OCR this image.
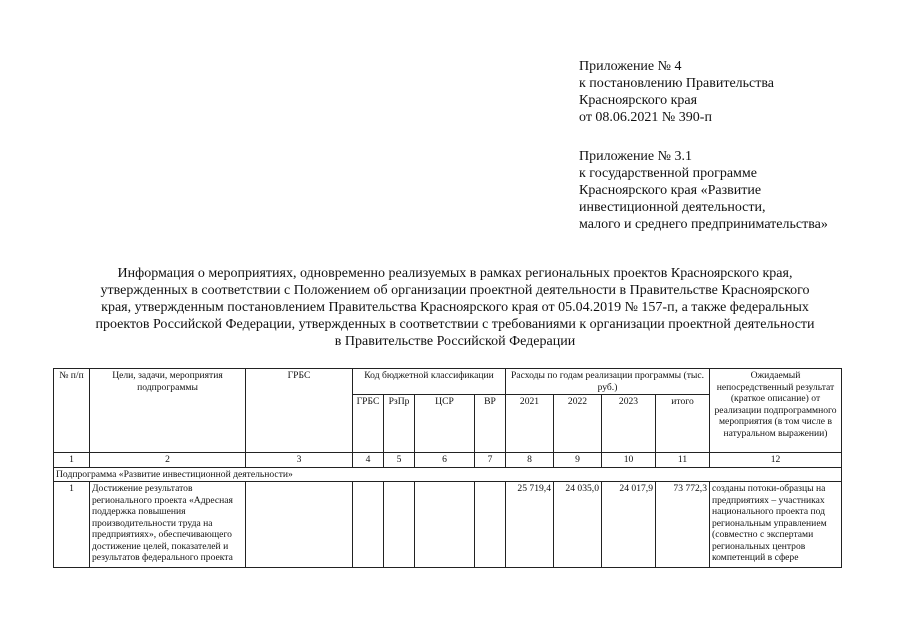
Приложение № 4
к постановлению Правительства
Красноярского края
от 08.06.2021 № 390-п
Приложение № 3.1
к государственной программе
Красноярского края «Развитие
инвестиционной деятельности,
малого и среднего предпринимательства»
Информация о мероприятиях, одновременно реализуемых в рамках региональных проектов Красноярского края,
утвержденных в соответствии с Положением об организации проектной деятельности в Правительстве Красноярского
края, утвержденным постановлением Правительства Красноярского края от 05.04.2019 № 157-п, а также федеральных
проектов Российской Федерации, утвержденных в соответствии с требованиями к организации проектной деятельности
в Правительстве Российской Федерации
№ п/п	Цели, задачи, мероприятия подпрограммы	ГРБС	Код бюджетной классификации				Расходы по годам реализации программы (тыс. руб.)				Ожидаемый непосредственный результат (краткое описание) от реализации подпрограммного мероприятия (в том числе в натуральном выражении)
			ГРБС	РзПр	ЦСР	ВР	2021	2022	2023	итого	
1	2	3	4	5	6	7	8	9	10	11	12
Подпрограмма «Развитие инвестиционной деятельности»											
1	Достижение результатов регионального проекта «Адресная поддержка повышения производительности труда на предприятиях», обеспечивающего достижение целей, показателей и результатов федерального проекта						25 719,4	24 035,0	24 017,9	73 772,3	созданы потоки-образцы на предприятиях – участниках национального проекта под региональным управлением (совместно с экспертами региональных центров компетенций в сфере
